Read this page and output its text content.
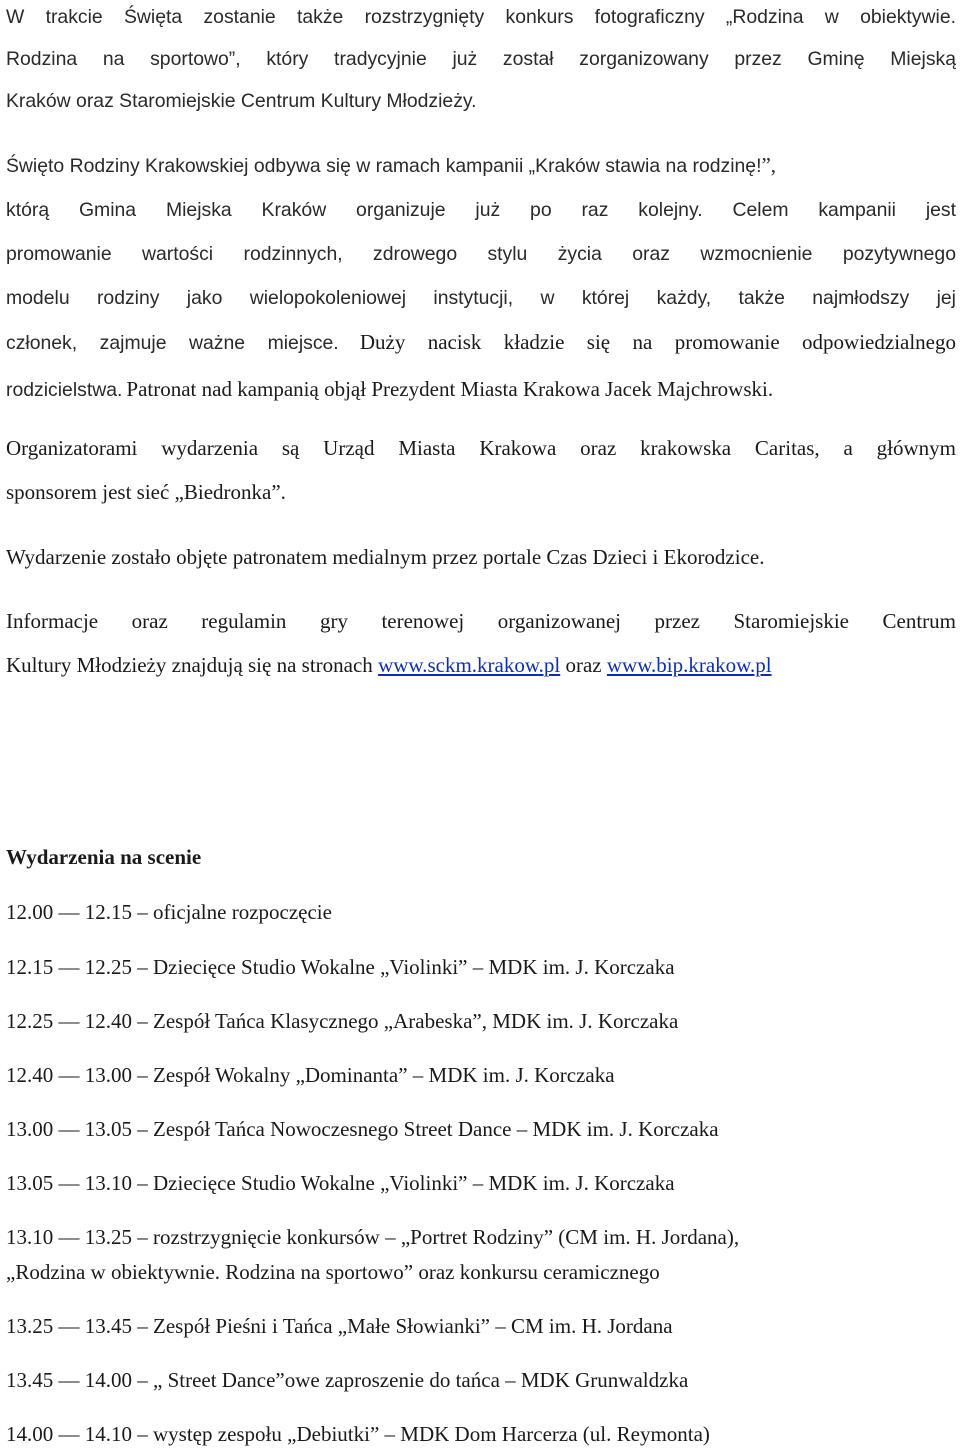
W trakcie Święta zostanie także rozstrzygnięty konkurs fotograficzny „Rodzina w obiektywie.
Rodzina na sportowo”, który tradycyjnie już został zorganizowany przez Gminę Miejską
Kraków oraz Staromiejskie Centrum Kultury Młodzieży.
Święto Rodziny Krakowskiej odbywa się w ramach kampanii „Kraków stawia na rodzinę!”,
którą Gmina Miejska Kraków organizuje już po raz kolejny. Celem kampanii jest
promowanie wartości rodzinnych, zdrowego stylu życia oraz wzmocnienie pozytywnego
modelu rodziny jako wielopokoleniowej instytucji, w której każdy, także najmłodszy jej
członek, zajmuje ważne miejsce. Duży nacisk kładzie się na promowanie odpowiedzialnego
rodzicielstwa. Patronat nad kampanią objął Prezydent Miasta Krakowa Jacek Majchrowski.
Organizatorami wydarzenia są Urząd Miasta Krakowa oraz krakowska Caritas, a głównym
sponsorem jest sieć „Biedronka”.
Wydarzenie zostało objęte patronatem medialnym przez portale Czas Dzieci i Ekorodzice.
Informacje oraz regulamin gry terenowej organizowanej przez Staromiejskie Centrum
Kultury Młodzieży znajdują się na stronach www.sckm.krakow.pl oraz www.bip.krakow.pl
Wydarzenia na scenie
12.00 — 12.15 – oficjalne rozpoczęcie
12.15 — 12.25 – Dziecięce Studio Wokalne „Violinki” – MDK im. J. Korczaka
12.25 — 12.40 – Zespół Tańca Klasycznego „Arabeska”, MDK im. J. Korczaka
12.40 — 13.00 – Zespół Wokalny „Dominanta” – MDK im. J. Korczaka
13.00 — 13.05 – Zespół Tańca Nowoczesnego Street Dance – MDK im. J. Korczaka
13.05 — 13.10 – Dziecięce Studio Wokalne „Violinki” – MDK im. J. Korczaka
13.10 — 13.25 – rozstrzygnięcie konkursów – „Portret Rodziny” (CM im. H. Jordana),
„Rodzina w obiektywnie. Rodzina na sportowo” oraz konkursu ceramicznego
13.25 — 13.45 – Zespół Pieśni i Tańca „Małe Słowianki” – CM im. H. Jordana
13.45 — 14.00 – „ Street Dance”owe zaproszenie do tańca – MDK Grunwaldzka
14.00 — 14.10 – występ zespołu „Debiutki” – MDK Dom Harcerza (ul. Reymonta)
